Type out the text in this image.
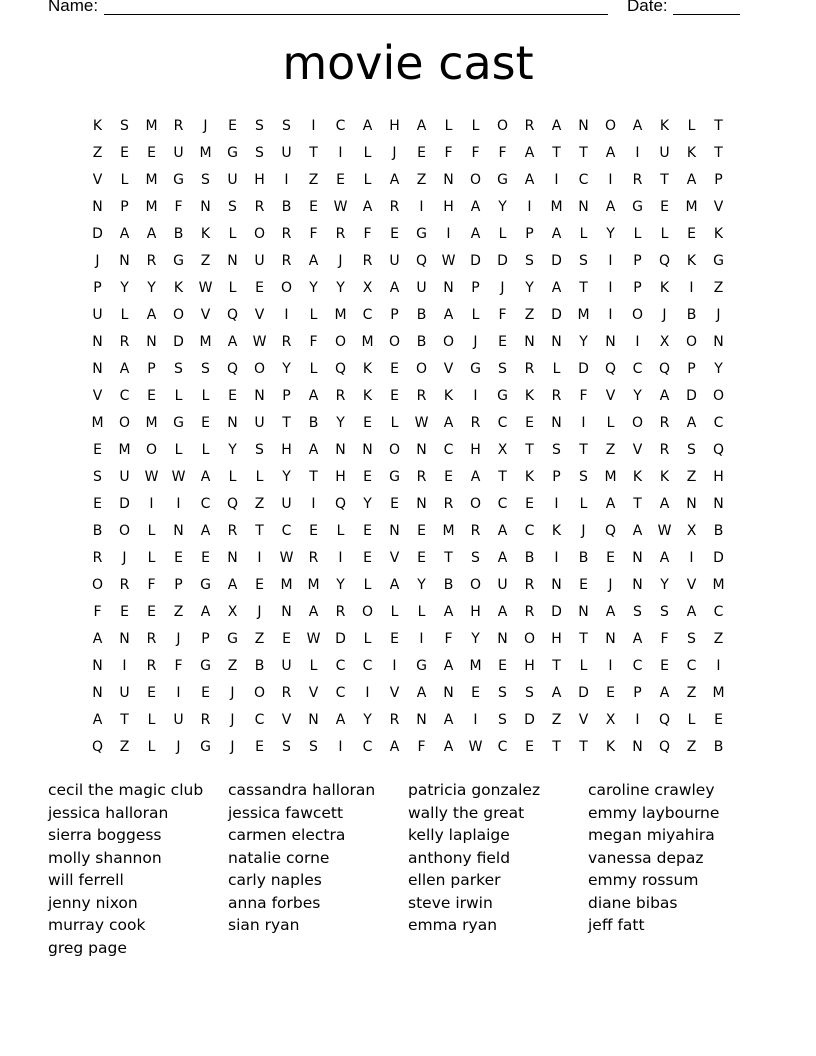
Name:	Date:
movie cast
K	S	M	R	J	E	S	S	I	C	A	H	A	L	L	O	R	A	N	O	A	K	L	T
Z	E	E	U	M	G	S	U	T	I	L	J	E	F	F	F	A	T	T	A	I	U	K	T
V	L	M	G	S	U	H	I	Z	E	L	A	Z	N	O	G	A	I	C	I	R	T	A	P
N	P	M	F	N	S	R	B	E	W	A	R	I	H	A	Y	I	M	N	A	G	E	M	V
D	A	A	B	K	L	O	R	F	R	F	E	G	I	A	L	P	A	L	Y	L	L	E	K
J	N	R	G	Z	N	U	R	A	J	R	U	Q	W	D	D	S	D	S	I	P	Q	K	G
P	Y	Y	K	W	L	E	O	Y	Y	X	A	U	N	P	J	Y	A	T	I	P	K	I	Z
U	L	A	O	V	Q	V	I	L	M	C	P	B	A	L	F	Z	D	M	I	O	J	B	J
N	R	N	D	M	A	W	R	F	O	M	O	B	O	J	E	N	N	Y	N	I	X	O	N
N	A	P	S	S	Q	O	Y	L	Q	K	E	O	V	G	S	R	L	D	Q	C	Q	P	Y
V	C	E	L	L	E	N	P	A	R	K	E	R	K	I	G	K	R	F	V	Y	A	D	O
M	O	M	G	E	N	U	T	B	Y	E	L	W	A	R	C	E	N	I	L	O	R	A	C
E	M	O	L	L	Y	S	H	A	N	N	O	N	C	H	X	T	S	T	Z	V	R	S	Q
S	U	W W	A	L	L	Y	T	H	E	G	R	E	A	T	K	P	S	M	K	K	Z	H
E	D	I	I	C	Q	Z	U	I	Q	Y	E	N	R	O	C	E	I	L	A	T	A	N	N
B	O	L	N	A	R	T	C	E	L	E	N	E	M	R	A	C	K	J	Q	A	W	X	B
R	J	L	E	E	N	I	W	R	I	E	V	E	T	S	A	B	I	B	E	N	A	I	D
O	R	F	P	G	A	E	M	M	Y	L	A	Y	B	O	U	R	N	E	J	N	Y	V	M
F	E	E	Z	A	X	J	N	A	R	O	L	L	A	H	A	R	D	N	A	S	S	A	C
A	N	R	J	P	G	Z	E	W	D	L	E	I	F	Y	N	O	H	T	N	A	F	S	Z
N	I	R	F	G	Z	B	U	L	C	C	I	G	A	M	E	H	T	L	I	C	E	C	I
N	U	E	I	E	J	O	R	V	C	I	V	A	N	E	S	S	A	D	E	P	A	Z	M
A	T	L	U	R	J	C	V	N	A	Y	R	N	A	I	S	D	Z	V	X	I	Q	L	E
Q	Z	L	J	G	J	E	S	S	I	C	A	F	A	W	C	E	T	T	K	N	Q	Z	B
cecil the magic club
jessica halloran
sierra boggess
molly shannon
will ferrell
jenny nixon
murray cook
greg page
cassandra halloran
jessica fawcett
carmen electra
natalie corne
carly naples
anna forbes
sian ryan
patricia gonzalez
wally the great
kelly laplaige
anthony field
ellen parker
steve irwin
emma ryan
caroline crawley
emmy laybourne
megan miyahira
vanessa depaz
emmy rossum
diane bibas
jeff fatt
